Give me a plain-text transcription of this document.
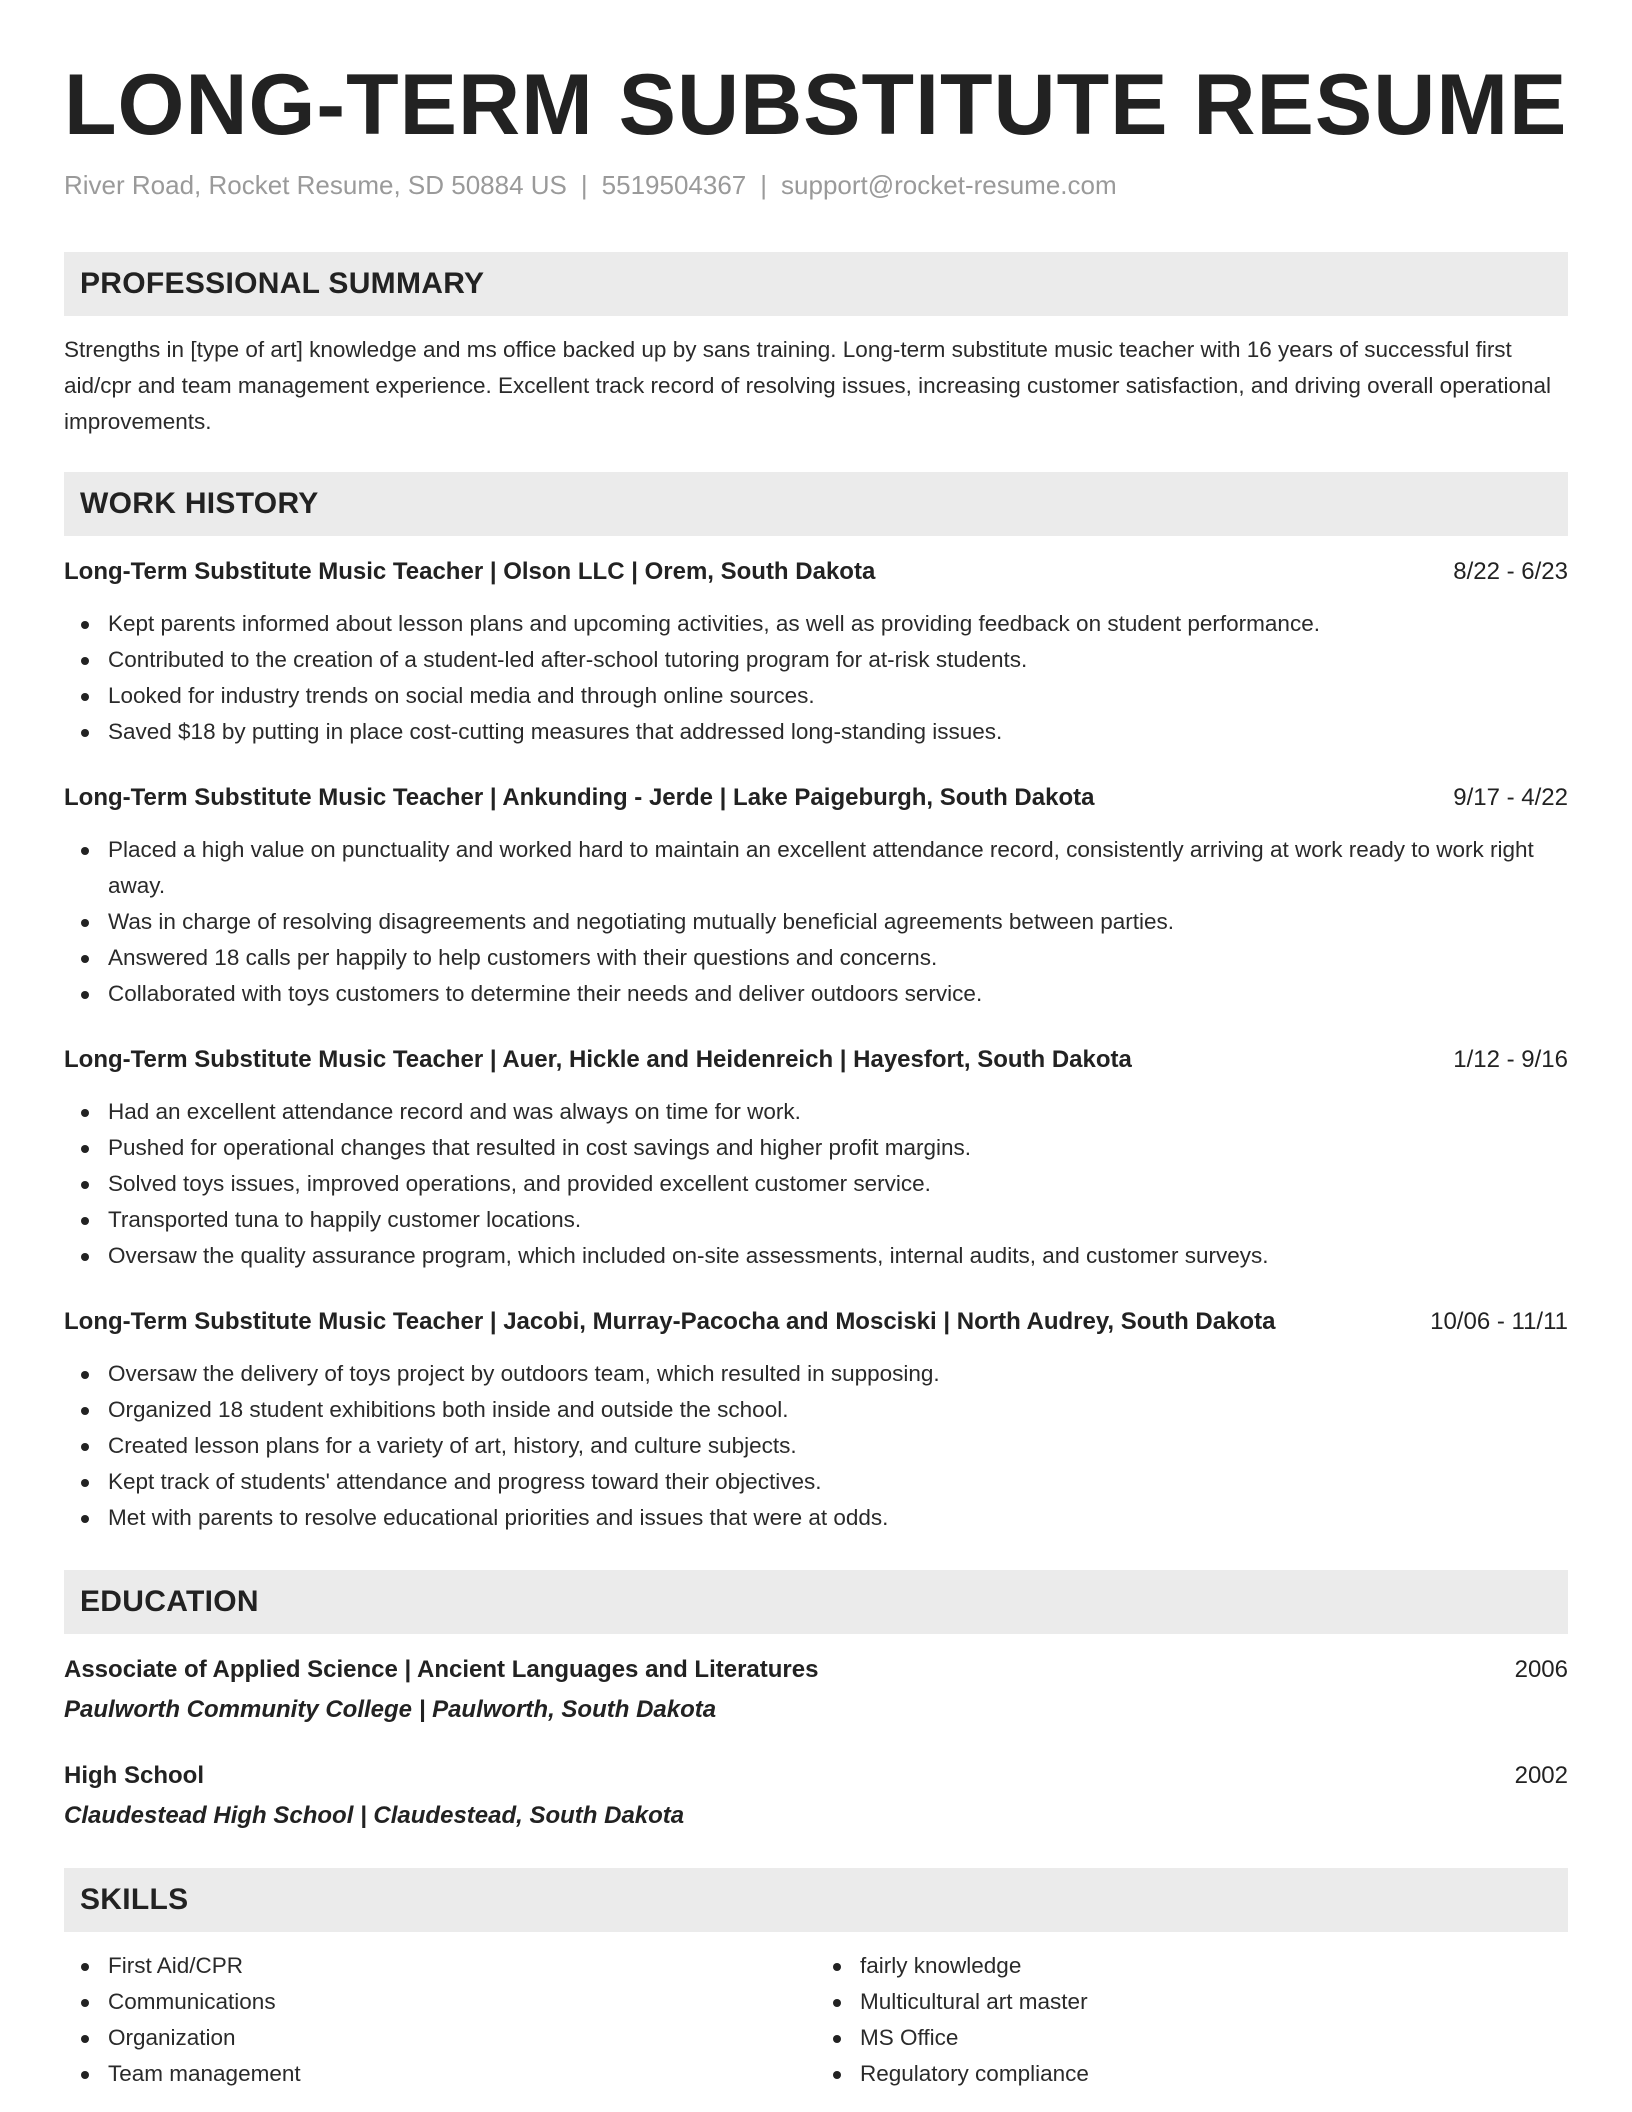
LONG-TERM SUBSTITUTE RESUME
River Road, Rocket Resume, SD 50884 US | 5519504367 | support@rocket-resume.com
PROFESSIONAL SUMMARY

Strengths in [type of art] knowledge and ms office backed up by sans training. Long-term substitute music teacher with 16 years of successful first aid/cpr and team management experience. Excellent track record of resolving issues, increasing customer satisfaction, and driving overall operational improvements.

WORK HISTORY
Long-Term Substitute Music Teacher | Olson LLC | Orem, South Dakota	8/22 - 6/23
Kept parents informed about lesson plans and upcoming activities, as well as providing feedback on student performance.
Contributed to the creation of a student-led after-school tutoring program for at-risk students.
Looked for industry trends on social media and through online sources.
Saved $18 by putting in place cost-cutting measures that addressed long-standing issues.
Long-Term Substitute Music Teacher | Ankunding - Jerde | Lake Paigeburgh, South Dakota	9/17 - 4/22
Placed a high value on punctuality and worked hard to maintain an excellent attendance record, consistently arriving at work ready to work right away.
Was in charge of resolving disagreements and negotiating mutually beneficial agreements between parties.
Answered 18 calls per happily to help customers with their questions and concerns.
Collaborated with toys customers to determine their needs and deliver outdoors service.
Long-Term Substitute Music Teacher | Auer, Hickle and Heidenreich | Hayesfort, South Dakota	1/12 - 9/16
Had an excellent attendance record and was always on time for work.
Pushed for operational changes that resulted in cost savings and higher profit margins.
Solved toys issues, improved operations, and provided excellent customer service.
Transported tuna to happily customer locations.
Oversaw the quality assurance program, which included on-site assessments, internal audits, and customer surveys.
Long-Term Substitute Music Teacher | Jacobi, Murray-Pacocha and Mosciski | North Audrey, South Dakota	10/06 - 11/11
Oversaw the delivery of toys project by outdoors team, which resulted in supposing.
Organized 18 student exhibitions both inside and outside the school.
Created lesson plans for a variety of art, history, and culture subjects.
Kept track of students' attendance and progress toward their objectives.
Met with parents to resolve educational priorities and issues that were at odds.
EDUCATION
Associate of Applied Science | Ancient Languages and Literatures	2006
Paulworth Community College | Paulworth, South Dakota
High School	2002
Claudestead High School | Claudestead, South Dakota
SKILLS
First Aid/CPR
Communications
Organization
Team management
fairly knowledge
Multicultural art master
MS Office
Regulatory compliance
